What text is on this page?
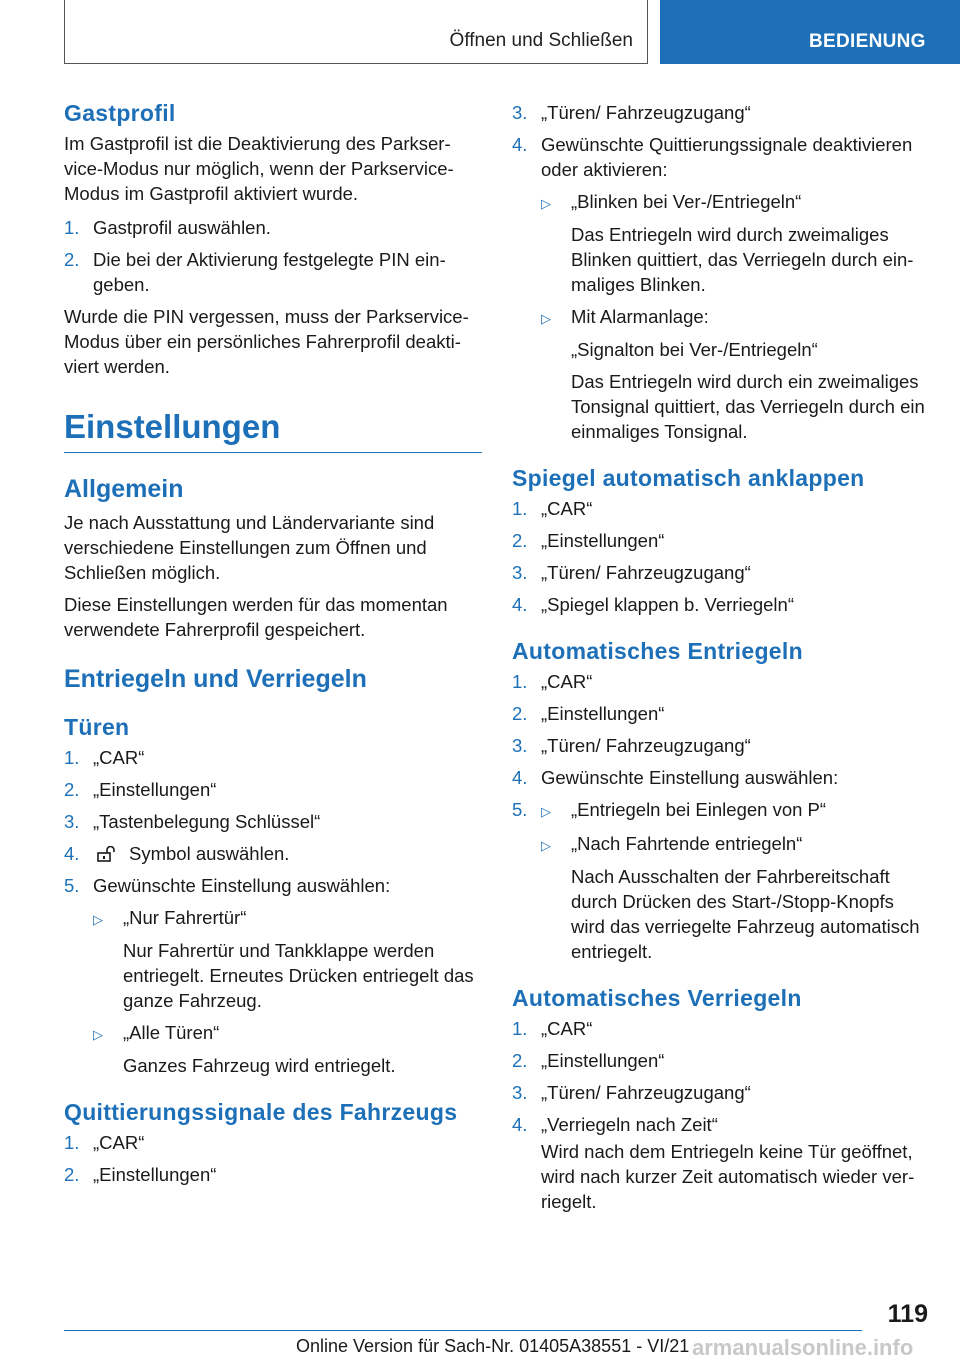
Öffnen und Schließen	BEDIENUNG
Gastprofil

Im Gastprofil ist die Deaktivierung des Parkservice-Modus nur möglich, wenn der Parkservice-Modus im Gastprofil aktiviert wurde.

1. Gastprofil auswählen.
2. Die bei der Aktivierung festgelegte PIN eingeben.

Wurde die PIN vergessen, muss der Parkservice-Modus über ein persönliches Fahrerprofil deaktiviert werden.

Einstellungen
Allgemein

Je nach Ausstattung und Ländervariante sind verschiedene Einstellungen zum Öffnen und Schließen möglich.

Diese Einstellungen werden für das momentan verwendete Fahrerprofil gespeichert.

Entriegeln und Verriegeln
Türen
1. „CAR“
2. „Einstellungen“
3. „Tastenbelegung Schlüssel“
4.	Symbol auswählen.
5. Gewünschte Einstellung auswählen:
▷	„Nur Fahrertür“

Nur Fahrertür und Tankklappe werden entriegelt. Erneutes Drücken entriegelt das ganze Fahrzeug.

▷	„Alle Türen“

Ganzes Fahrzeug wird entriegelt.

Quittierungssignale des Fahrzeugs
1. „CAR“
2. „Einstellungen“
3. „Türen/ Fahrzeugzugang“
4. Gewünschte Quittierungssignale deaktivieren oder aktivieren:
▷	„Blinken bei Ver-/Entriegeln“

Das Entriegeln wird durch zweimaliges Blinken quittiert, das Verriegeln durch einmaliges Blinken.

▷	Mit Alarmanlage:

„Signalton bei Ver-/Entriegeln“

Das Entriegeln wird durch ein zweimaliges Tonsignal quittiert, das Verriegeln durch ein einmaliges Tonsignal.

Spiegel automatisch anklappen
1. „CAR“
2. „Einstellungen“
3. „Türen/ Fahrzeugzugang“
4. „Spiegel klappen b. Verriegeln“
Automatisches Entriegeln
1. „CAR“
2. „Einstellungen“
3. „Türen/ Fahrzeugzugang“
4. Gewünschte Einstellung auswählen:
5.	▷	„Entriegeln bei Einlegen von P“
▷	„Nach Fahrtende entriegeln“

Nach Ausschalten der Fahrbereitschaft durch Drücken des Start-/Stopp-Knopfs wird das verriegelte Fahrzeug automatisch entriegelt.

Automatisches Verriegeln
1. „CAR“
2. „Einstellungen“
3. „Türen/ Fahrzeugzugang“
4. „Verriegeln nach Zeit“

Wird nach dem Entriegeln keine Tür geöffnet, wird nach kurzer Zeit automatisch wieder verriegelt.

119
Online Version für Sach-Nr. 01405A38551 - VI/21 armanualsonline.info
